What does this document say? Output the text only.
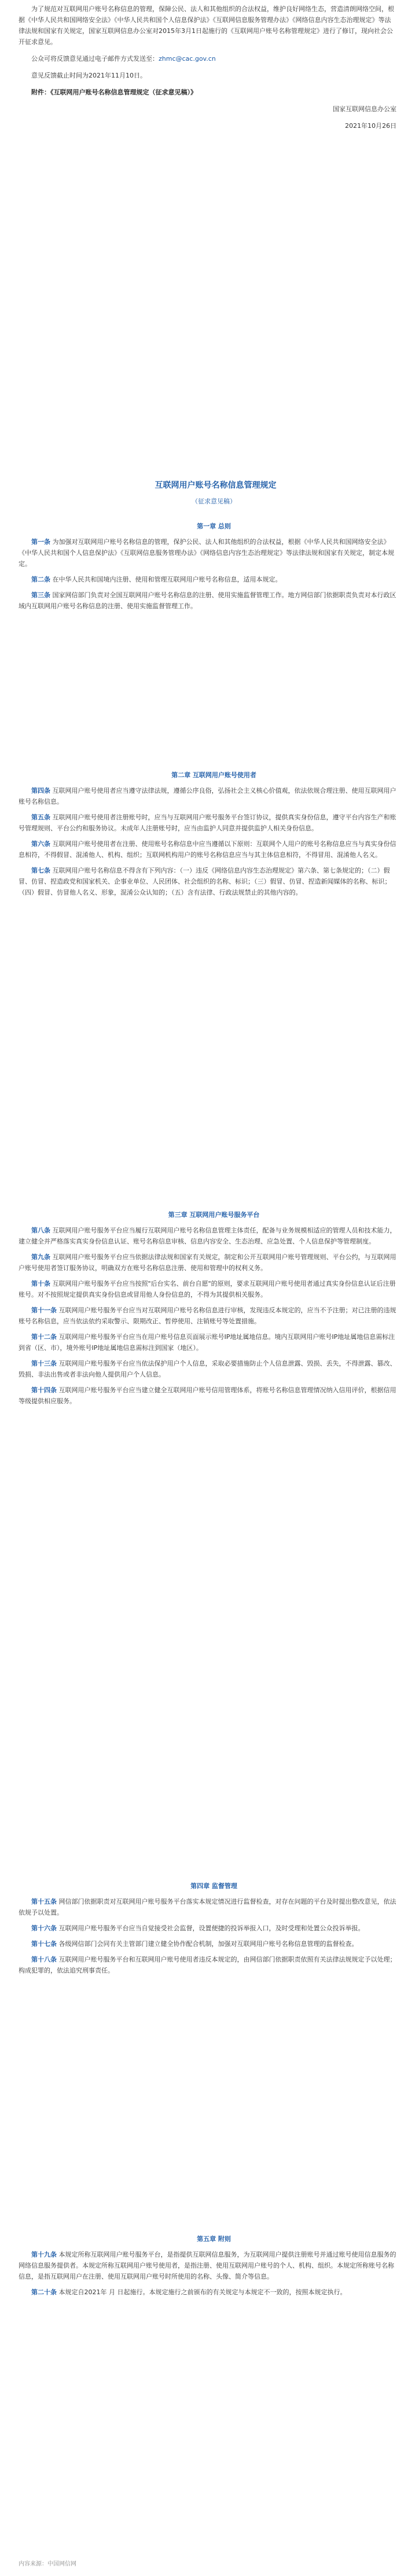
为了规范对互联网用户账号名称信息的管理，保障公民、法人和其他组织的合法权益，维护良好网络生态，营造清朗网络空间，根据《中华人民共和国网络安全法》《中华人民共和国个人信息保护法》《互联网信息服务管理办法》《网络信息内容生态治理规定》等法律法规和国家有关规定，国家互联网信息办公室对2015年3月1日起施行的《互联网用户账号名称管理规定》进行了修订，现向社会公开征求意见。

公众可将反馈意见通过电子邮件方式发送至：zhmc@cac.gov.cn

意见反馈截止时间为2021年11月10日。

附件：《互联网用户账号名称信息管理规定（征求意见稿）》

国家互联网信息办公室

2021年10月26日

互联网用户账号名称信息管理规定

（征求意见稿）

第一章 总则

第一条 为加强对互联网用户账号名称信息的管理，保护公民、法人和其他组织的合法权益，根据《中华人民共和国网络安全法》《中华人民共和国个人信息保护法》《互联网信息服务管理办法》《网络信息内容生态治理规定》等法律法规和国家有关规定，制定本规定。

第二条 在中华人民共和国境内注册、使用和管理互联网用户账号名称信息，适用本规定。

第三条 国家网信部门负责对全国互联网用户账号名称信息的注册、使用实施监督管理工作。地方网信部门依据职责负责对本行政区域内互联网用户账号名称信息的注册、使用实施监督管理工作。

第二章 互联网用户账号使用者

第四条 互联网用户账号使用者应当遵守法律法规，遵循公序良俗，弘扬社会主义核心价值观，依法依规合理注册、使用互联网用户账号名称信息。

第五条 互联网用户账号使用者注册账号时，应当与互联网用户账号服务平台签订协议，提供真实身份信息，遵守平台内容生产和账号管理规则、平台公约和服务协议。未成年人注册账号时，应当由监护人同意并提供监护人相关身份信息。

第六条 互联网用户账号使用者在注册、使用账号名称信息中应当遵循以下原则：互联网个人用户的账号名称信息应当与真实身份信息相符，不得假冒、混淆他人、机构、组织；互联网机构用户的账号名称信息应当与其主体信息相符，不得冒用、混淆他人名义。

第七条 互联网用户账号名称信息不得含有下列内容：（一）违反《网络信息内容生态治理规定》第六条、第七条规定的；（二）假冒、仿冒、捏造政党和国家机关、企事业单位、人民团体、社会组织的名称、标识；（三）假冒、仿冒、捏造新闻媒体的名称、标识；（四）假冒、仿冒他人名义、形象，混淆公众认知的；（五）含有法律、行政法规禁止的其他内容的。

第三章 互联网用户账号服务平台

第八条 互联网用户账号服务平台应当履行互联网用户账号名称信息管理主体责任，配备与业务规模相适应的管理人员和技术能力，建立健全并严格落实真实身份信息认证、账号名称信息审核、信息内容安全、生态治理、应急处置、个人信息保护等管理制度。

第九条 互联网用户账号服务平台应当依据法律法规和国家有关规定，制定和公开互联网用户账号管理规则、平台公约，与互联网用户账号使用者签订服务协议，明确双方在账号名称信息注册、使用和管理中的权利义务。

第十条 互联网用户账号服务平台应当按照"后台实名、前台自愿"的原则，要求互联网用户账号使用者通过真实身份信息认证后注册账号。对不按照规定提供真实身份信息或冒用他人身份信息的，不得为其提供相关服务。

第十一条 互联网用户账号服务平台应当对互联网用户账号名称信息进行审核，发现违反本规定的，应当不予注册；对已注册的违规账号名称信息，应当依法依约采取警示、限期改正、暂停使用、注销账号等处置措施。

第十二条 互联网用户账号服务平台应当在用户账号信息页面展示账号IP地址属地信息。境内互联网用户账号IP地址属地信息需标注到省（区、市），境外账号IP地址属地信息需标注到国家（地区）。

第十三条 互联网用户账号服务平台应当依法保护用户个人信息，采取必要措施防止个人信息泄露、毁损、丢失，不得泄露、篡改、毁损、非法出售或者非法向他人提供用户个人信息。

第十四条 互联网用户账号服务平台应当建立健全互联网用户账号信用管理体系，将账号名称信息管理情况纳入信用评价，根据信用等级提供相应服务。

第四章 监督管理

第十五条 网信部门依据职责对互联网用户账号服务平台落实本规定情况进行监督检查，对存在问题的平台及时提出整改意见，依法依规予以处置。

第十六条 互联网用户账号服务平台应当自觉接受社会监督，设置便捷的投诉举报入口，及时受理和处置公众投诉举报。

第十七条 各级网信部门会同有关主管部门建立健全协作配合机制，加强对互联网用户账号名称信息管理的监督检查。

第十八条 互联网用户账号服务平台和互联网用户账号使用者违反本规定的，由网信部门依据职责依照有关法律法规规定予以处理；构成犯罪的，依法追究刑事责任。

第五章 附则

第十九条 本规定所称互联网用户账号服务平台，是指提供互联网信息服务，为互联网用户提供注册账号并通过账号使用信息服务的网络信息服务提供者。本规定所称互联网用户账号使用者，是指注册、使用互联网用户账号的个人、机构、组织。本规定所称账号名称信息，是指互联网用户在注册、使用互联网用户账号时所使用的名称、头像、简介等信息。

第二十条 本规定自2021年 月 日起施行。本规定施行之前颁布的有关规定与本规定不一致的，按照本规定执行。

内容来源：中国网信网
